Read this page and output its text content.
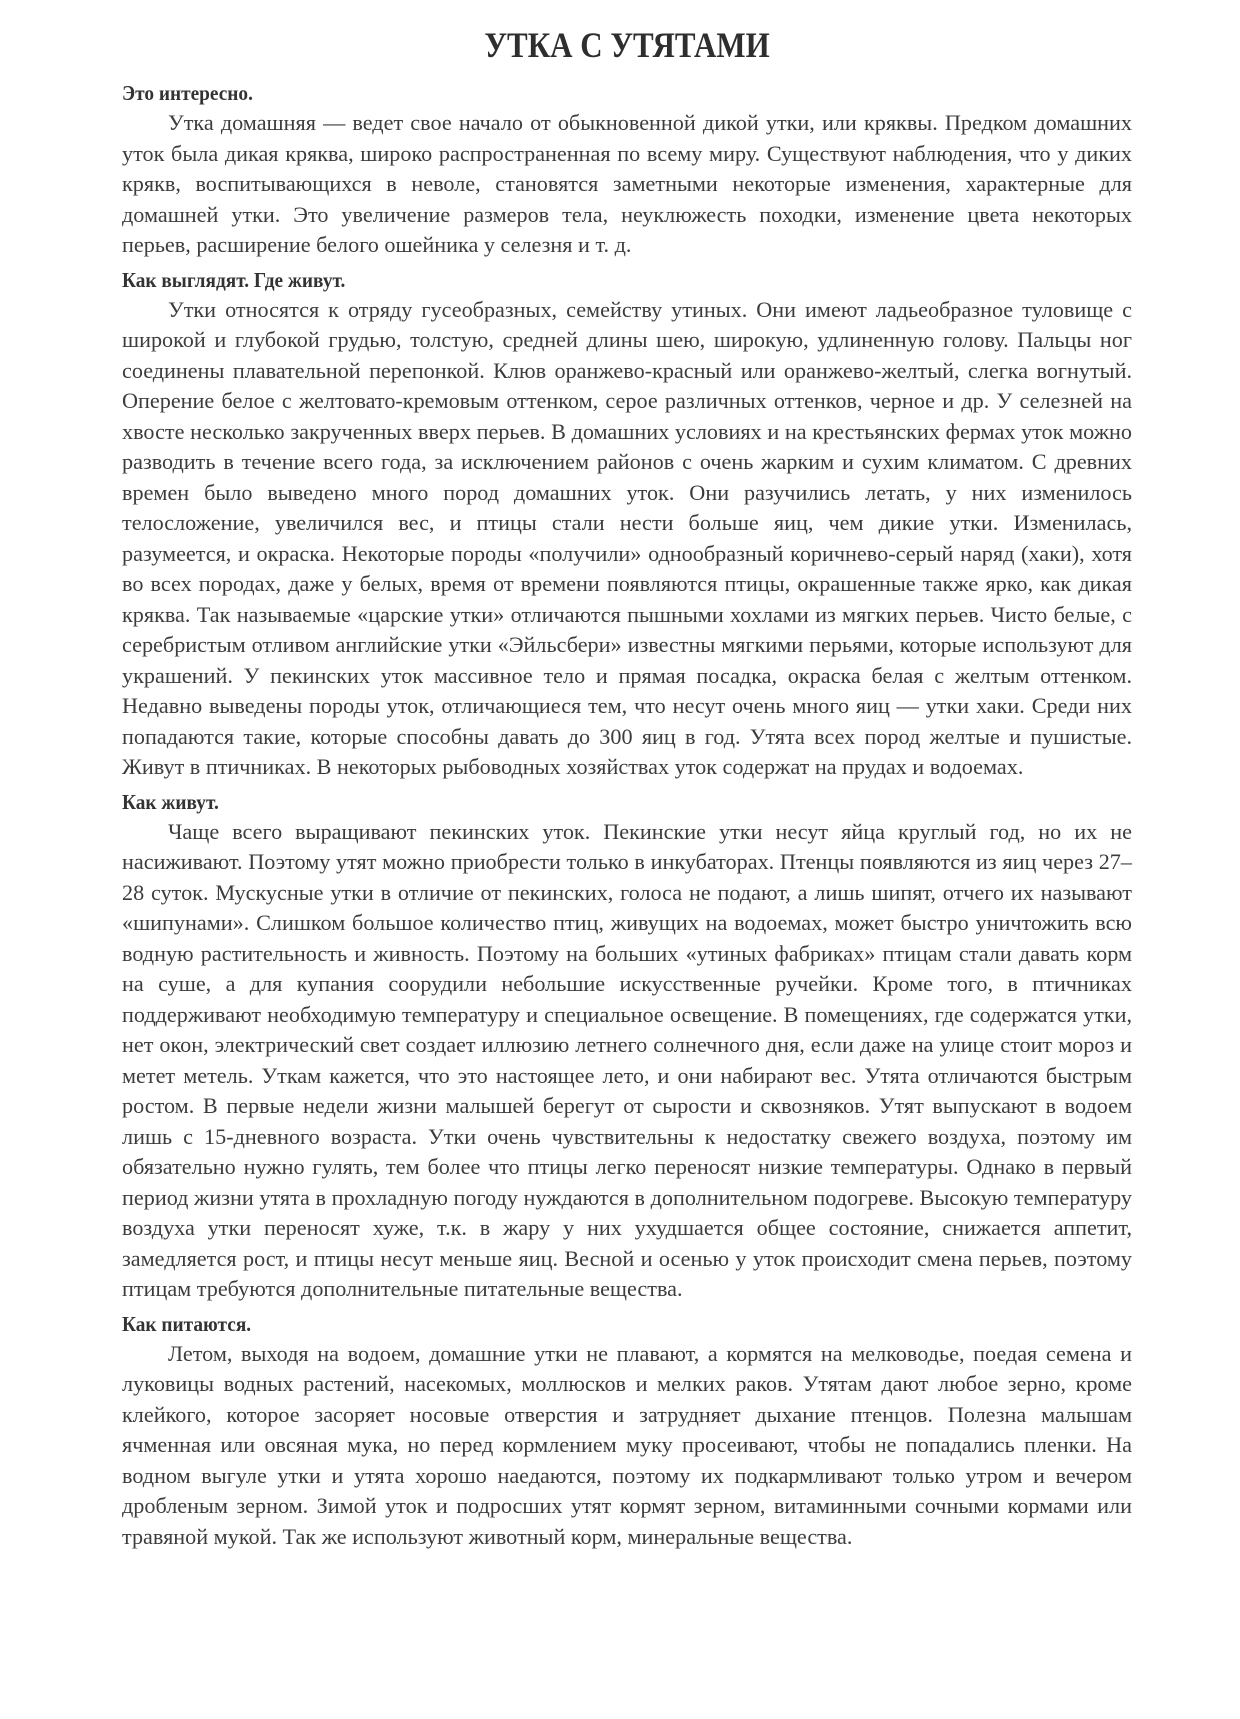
УТКА С УТЯТАМИ
Это интересно.

Утка домашняя — ведет свое начало от обыкновенной дикой утки, или кряквы. Предком домашних уток была дикая кряква, широко распространенная по всему миру. Существуют наблюдения, что у диких крякв, воспитывающихся в неволе, становятся заметными некоторые изменения, характерные для домашней утки. Это увеличение размеров тела, неуклюжесть походки, изменение цвета некоторых перьев, расширение белого ошейника у селезня и т. д.

Как выглядят. Где живут.

Утки относятся к отряду гусеобразных, семейству утиных. Они имеют ладьеобразное туловище с широкой и глубокой грудью, толстую, средней длины шею, широкую, удлиненную голову. Пальцы ног соединены плавательной перепонкой. Клюв оранжево-красный или оранжево-желтый, слегка вогнутый. Оперение белое с желтовато-кремовым оттенком, серое различных оттенков, черное и др. У селезней на хвосте несколько закрученных вверх перьев. В домашних условиях и на крестьянских фермах уток можно разводить в течение всего года, за исключением районов с очень жарким и сухим климатом. С древних времен было выведено много пород домашних уток. Они разучились летать, у них изменилось телосложение, увеличился вес, и птицы стали нести больше яиц, чем дикие утки. Изменилась, разумеется, и окраска. Некоторые породы «получили» однообразный коричнево-серый наряд (хаки), хотя во всех породах, даже у белых, время от времени появляются птицы, окрашенные также ярко, как дикая кряква. Так называемые «царские утки» отличаются пышными хохлами из мягких перьев. Чисто белые, с серебристым отливом английские утки «Эйльсбери» известны мягкими перьями, которые используют для украшений. У пекинских уток массивное тело и прямая посадка, окраска белая с желтым оттенком. Недавно выведены породы уток, отличающиеся тем, что несут очень много яиц — утки хаки. Среди них попадаются такие, которые способны давать до 300 яиц в год. Утята всех пород желтые и пушистые. Живут в птичниках. В некоторых рыбоводных хозяйствах уток содержат на прудах и водоемах.

Как живут.

Чаще всего выращивают пекинских уток. Пекинские утки несут яйца круглый год, но их не насиживают. Поэтому утят можно приобрести только в инкубаторах. Птенцы появляются из яиц через 27–28 суток. Мускусные утки в отличие от пекинских, голоса не подают, а лишь шипят, отчего их называют «шипунами». Слишком большое количество птиц, живущих на водоемах, может быстро уничтожить всю водную растительность и живность. Поэтому на больших «утиных фабриках» птицам стали давать корм на суше, а для купания соорудили небольшие искусственные ручейки. Кроме того, в птичниках поддерживают необходимую температуру и специальное освещение. В помещениях, где содержатся утки, нет окон, электрический свет создает иллюзию летнего солнечного дня, если даже на улице стоит мороз и метет метель. Уткам кажется, что это настоящее лето, и они набирают вес. Утята отличаются быстрым ростом. В первые недели жизни малышей берегут от сырости и сквозняков. Утят выпускают в водоем лишь с 15-дневного возраста. Утки очень чувствительны к недостатку свежего воздуха, поэтому им обязательно нужно гулять, тем более что птицы легко переносят низкие температуры. Однако в первый период жизни утята в прохладную погоду нуждаются в дополнительном подогреве. Высокую температуру воздуха утки переносят хуже, т.к. в жару у них ухудшается общее состояние, снижается аппетит, замедляется рост, и птицы несут меньше яиц. Весной и осенью у уток происходит смена перьев, поэтому птицам требуются дополнительные питательные вещества.

Как питаются.

Летом, выходя на водоем, домашние утки не плавают, а кормятся на мелководье, поедая семена и луковицы водных растений, насекомых, моллюсков и мелких раков. Утятам дают любое зерно, кроме клейкого, которое засоряет носовые отверстия и затрудняет дыхание птенцов. Полезна малышам ячменная или овсяная мука, но перед кормлением муку просеивают, чтобы не попадались пленки. На водном выгуле утки и утята хорошо наедаются, поэтому их подкармливают только утром и вечером дробленым зерном. Зимой уток и подросших утят кормят зерном, витаминными сочными кормами или травяной мукой. Так же используют животный корм, минеральные вещества.
